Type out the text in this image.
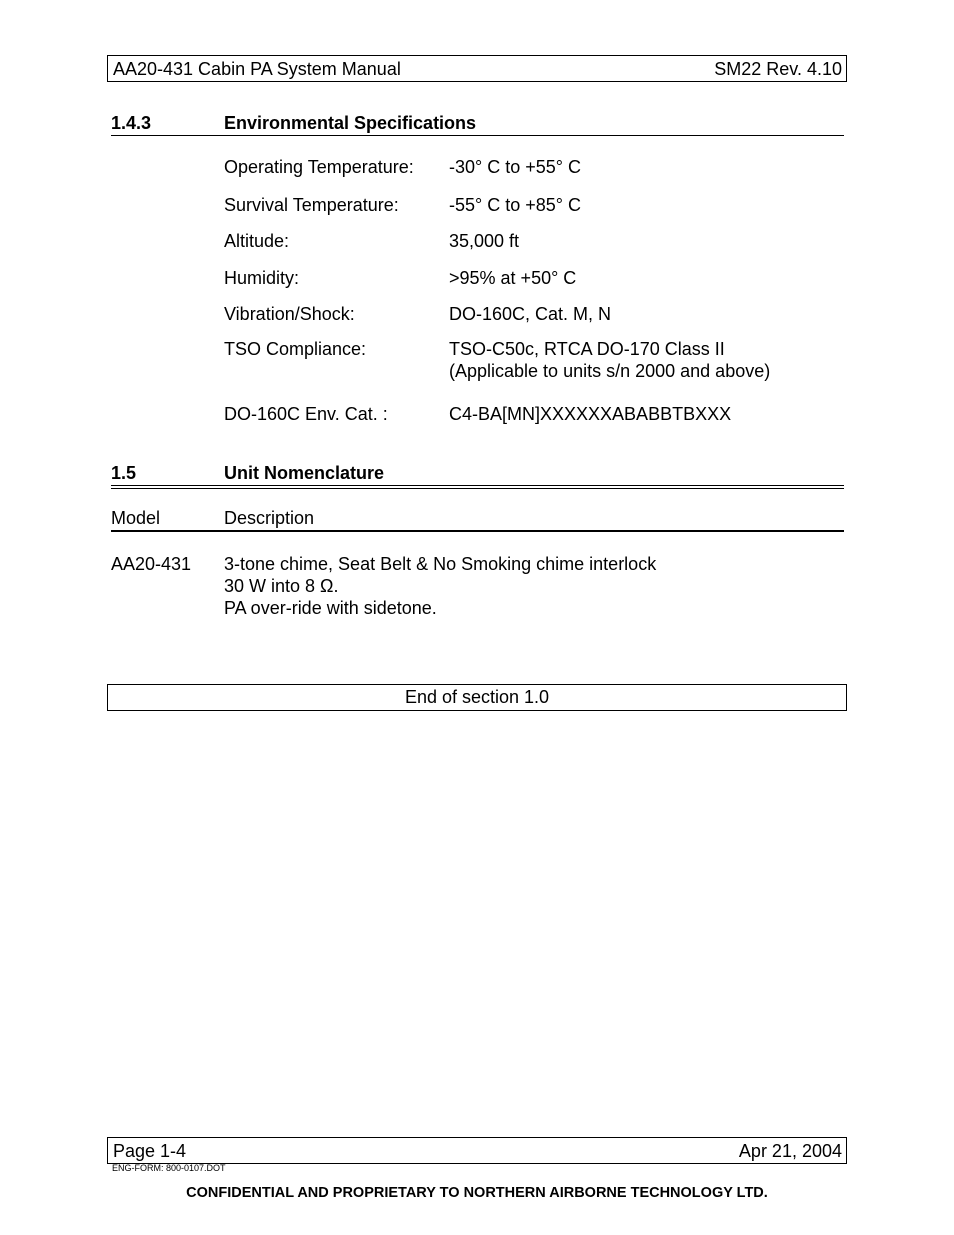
AA20-431 Cabin PA System Manual	SM22 Rev. 4.10
1.4.3	Environmental Specifications
Operating Temperature: -30° C to +55° C
Survival Temperature:	-55° C to +85° C
Altitude:	35,000 ft
Humidity:	>95% at +50° C
Vibration/Shock:	DO-160C, Cat. M, N
TSO Compliance:	TSO-C50c, RTCA DO-170 Class II
(Applicable to units s/n 2000 and above)
DO-160C Env. Cat. :	C4-BA[MN]XXXXXXABABBTBXXX
1.5	Unit Nomenclature
Model	Description
AA20-431 3-tone chime, Seat Belt & No Smoking chime interlock
30 W into 8 Ω.
PA over-ride with sidetone.
End of section 1.0
Page 1-4	Apr 21, 2004
ENG-FORM: 800-0107.DOT
CONFIDENTIAL AND PROPRIETARY TO NORTHERN AIRBORNE TECHNOLOGY LTD.
